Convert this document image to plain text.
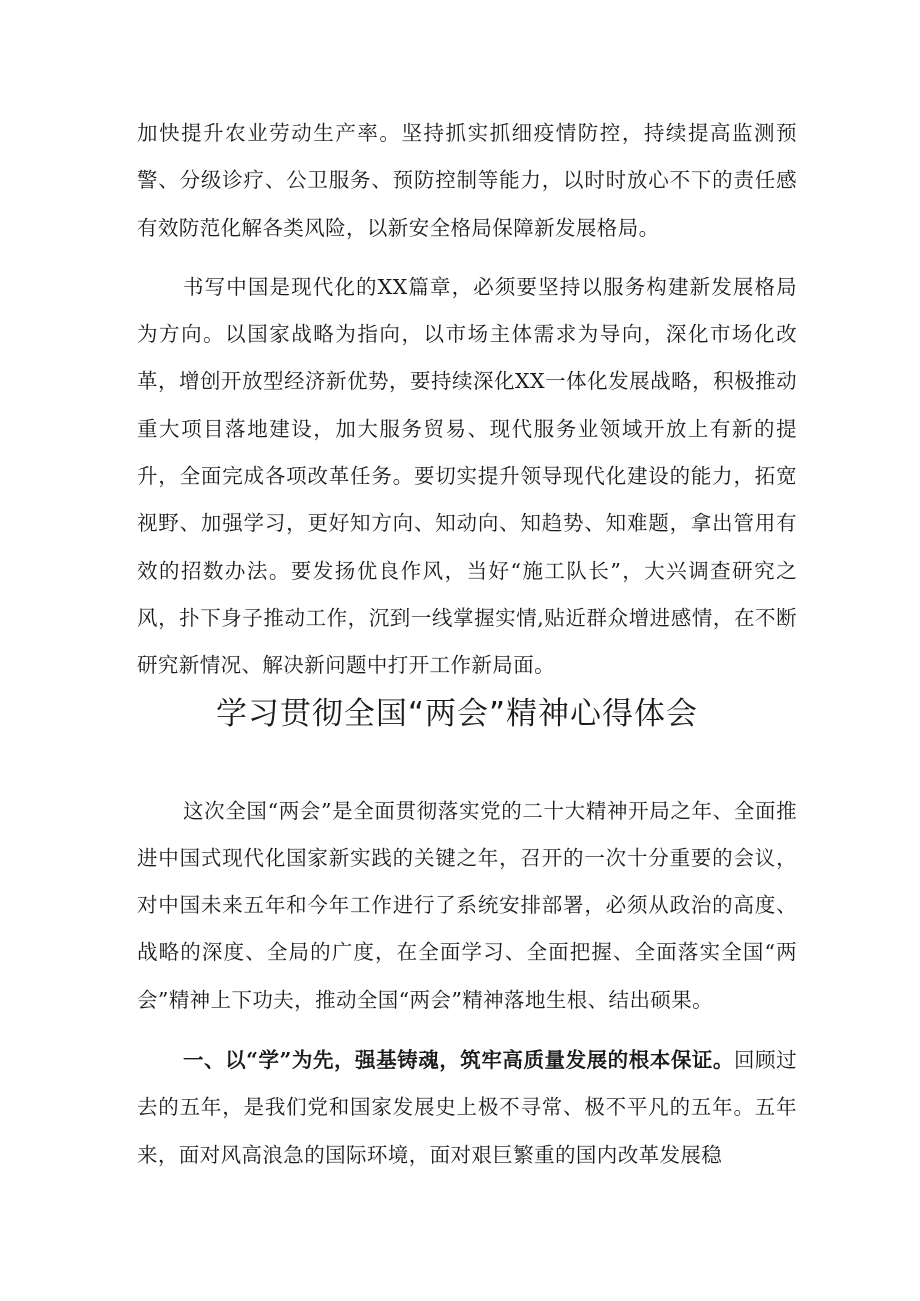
加快提升农业劳动生产率。坚持抓实抓细疫情防控，持续提高监测预警、分级诊疗、公卫服务、预防控制等能力，以时时放心不下的责任感有效防范化解各类风险，以新安全格局保障新发展格局。

书写中国是现代化的XX篇章，必须要坚持以服务构建新发展格局为方向。以国家战略为指向，以市场主体需求为导向，深化市场化改革，增创开放型经济新优势，要持续深化XX一体化发展战略，积极推动重大项目落地建设，加大服务贸易、现代服务业领域开放上有新的提升，全面完成各项改革任务。要切实提升领导现代化建设的能力，拓宽视野、加强学习，更好知方向、知动向、知趋势、知难题，拿出管用有效的招数办法。要发扬优良作风，当好“施工队长”，大兴调查研究之风，扑下身子推动工作，沉到一线掌握实情,贴近群众增进感情，在不断研究新情况、解决新问题中打开工作新局面。

学习贯彻全国“两会”精神心得体会

这次全国“两会”是全面贯彻落实党的二十大精神开局之年、全面推进中国式现代化国家新实践的关键之年，召开的一次十分重要的会议，对中国未来五年和今年工作进行了系统安排部署，必须从政治的高度、战略的深度、全局的广度，在全面学习、全面把握、全面落实全国“两会”精神上下功夫，推动全国“两会”精神落地生根、结出硕果。

一、以“学”为先，强基铸魂，筑牢高质量发展的根本保证。回顾过去的五年，是我们党和国家发展史上极不寻常、极不平凡的五年。五年来，面对风高浪急的国际环境，面对艰巨繁重的国内改革发展稳
